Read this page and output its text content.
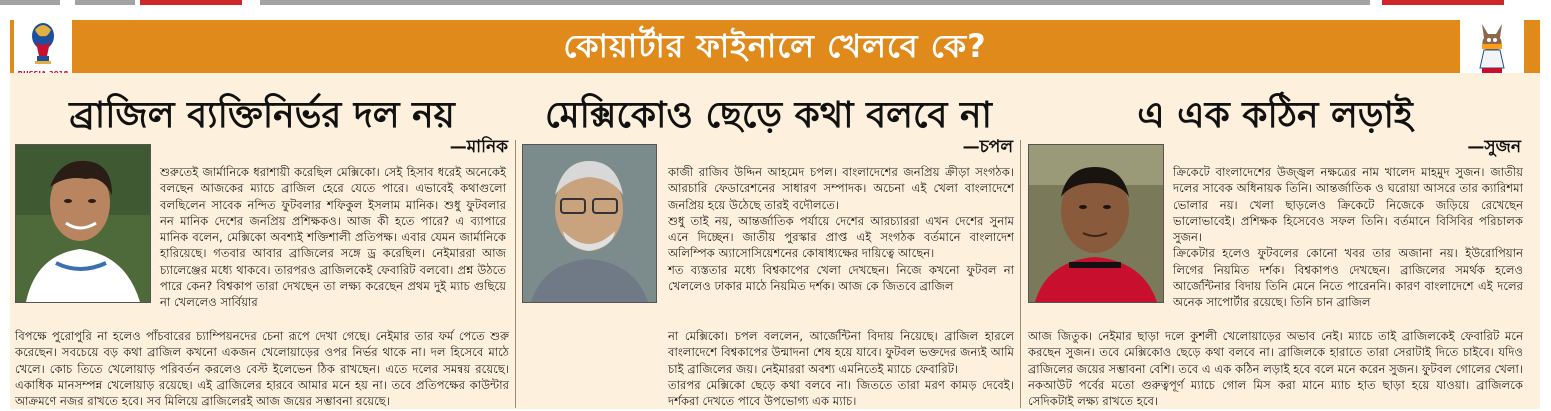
কোয়ার্টার ফাইনালে খেলবে কে?
ব্রাজিল ব্যক্তিনির্ভর দল নয়
—মানিক
শুরুতেই জার্মানিকে ধরাশায়ী করেছিল মেক্সিকো। সেই হিসাব ধরেই অনেকেই বলছেন আজকের ম্যাচে ব্রাজিল হেরে যেতে পারে। এভাবেই কথাগুলো বলছিলেন সাবেক নন্দিত ফুটবলার শফিকুল ইসলাম মানিক। শুধু ফুটবলার নন মানিক দেশের জনপ্রিয় প্রশিক্ষকও। আজ কী হতে পারে? এ ব্যাপারে মানিক বলেন, মেক্সিকো অবশ্যই শক্তিশালী প্রতিপক্ষ। এবার যেমন জার্মানিকে হারিয়েছে। গতবার আবার ব্রাজিলের সঙ্গে ড্র করেছিল। নেইমাররা আজ চ্যালেঞ্জের মধ্যে থাকবে। তারপরও ব্রাজিলকেই ফেবারিট বলবো। প্রশ্ন উঠতে পারে কেন? বিশ্বকাপ তারা দেখছেন তা লক্ষ্য করেছেন প্রথম দুই ম্যাচ গুছিয়ে না খেললেও সার্বিয়ার
বিপক্ষে পুরোপুরি না হলেও পাঁচবারের চ্যাম্পিয়নদের চেনা রূপে দেখা গেছে। নেইমার তার ফর্ম পেতে শুরু করেছেন। সবচেয়ে বড় কথা ব্রাজিল কখনো একজন খেলোয়াড়ের ওপর নির্ভর থাকে না। দল হিসেবে মাঠে খেলে। কোচ তিতে খেলোয়াড় পরিবর্তন করলেও বেস্ট ইলেভেন ঠিক রাখছেন। এতে দলের সমন্বয় রয়েছে। একাধিক মানসম্পন্ন খেলোয়াড় রয়েছে। এই ব্রাজিলের হারবে আমার মনে হয় না। তবে প্রতিপক্ষের কাউন্টার আক্রমণে নজর রাখতে হবে। সব মিলিয়ে ব্রাজিলেরই আজ জয়ের সম্ভাবনা রয়েছে।
মেক্সিকোও ছেড়ে কথা বলবে না
—চপল
কাজী রাজিব উদ্দিন আহমেদ চপল। বাংলাদেশের জনপ্রিয় ক্রীড়া সংগঠক। আরচারি ফেডারেশনের সাধারণ সম্পাদক। অচেনা এই খেলা বাংলাদেশে জনপ্রিয় হয়ে উঠেছে তারই বদৌলতে।
শুধু তাই নয়, আন্তর্জাতিক পর্যায়ে দেশের আরচ্যাররা এখন দেশের সুনাম এনে দিচ্ছেন। জাতীয় পুরস্কার প্রাপ্ত এই সংগঠক বর্তমানে বাংলাদেশ অলিম্পিক অ্যাসোসিয়েশনের কোষাধ্যক্ষের দায়িত্বে আছেন।
শত ব্যস্ততার মধ্যে বিশ্বকাপের খেলা দেখছেন। নিজে কখনো ফুটবল না খেললেও ঢাকার মাঠে নিয়মিত দর্শক। আজ কে জিতবে ব্রাজিল
না মেক্সিকো। চপল বললেন, আর্জেন্টিনা বিদায় নিয়েছে। ব্রাজিল হারলে বাংলাদেশে বিশ্বকাপের উন্মাদনা শেষ হয়ে যাবে। ফুটবল ভক্তদের জন্যই আমি চাই ব্রাজিলের জয়। নেইমাররা অবশ্য এমনিতেই ম্যাচে ফেবারিট।
তারপর মেক্সিকো ছেড়ে কথা বলবে না। জিততে তারা মরণ কামড় দেবেই। দর্শকরা দেখতে পাবে উপভোগ্য এক ম্যাচ।
এ এক কঠিন লড়াই
—সুজন
ক্রিকেটে বাংলাদেশের উজ্জ্বল নক্ষত্রের নাম খালেদ মাহমুদ সুজন। জাতীয় দলের সাবেক অধিনায়ক তিনি। আন্তর্জাতিক ও ঘরোয়া আসরে তার ক্যারিশমা ভোলার নয়। খেলা ছাড়লেও ক্রিকেটে নিজেকে জড়িয়ে রেখেছেন ভালোভাবেই। প্রশিক্ষক হিসেবেও সফল তিনি। বর্তমানে বিসিবির পরিচালক সুজন।
ক্রিকেটার হলেও ফুটবলের কোনো খবর তার অজানা নয়। ইউরোপিয়ান লিগের নিয়মিত দর্শক। বিশ্বকাপও দেখছেন। ব্রাজিলের সমর্থক হলেও আর্জেন্টিনার বিদায় তিনি মেনে নিতে পারেননি। কারণ বাংলাদেশে এই দলের অনেক সাপোর্টার রয়েছে। তিনি চান ব্রাজিল
আজ জিতুক। নেইমার ছাড়া দলে কুশলী খেলোয়াড়ের অভাব নেই। ম্যাচে তাই ব্রাজিলকেই ফেবারিট মনে করছেন সুজন। তবে মেক্সিকোও ছেড়ে কথা বলবে না। ব্রাজিলকে হারাতে তারা সেরাটাই দিতে চাইবে। যদিও ব্রাজিলের জয়ের সম্ভাবনা বেশি। তবে এ এক কঠিন লড়াই হবে বলে মনে করেন সুজন। ফুটবল গোলের খেলা। নকআউট পর্বের মতো গুরুত্বপূর্ণ ম্যাচে গোল মিস করা মানে ম্যাচ হাত ছাড়া হয়ে যাওয়া। ব্রাজিলকে সেদিকটাই লক্ষ্য রাখতে হবে।
